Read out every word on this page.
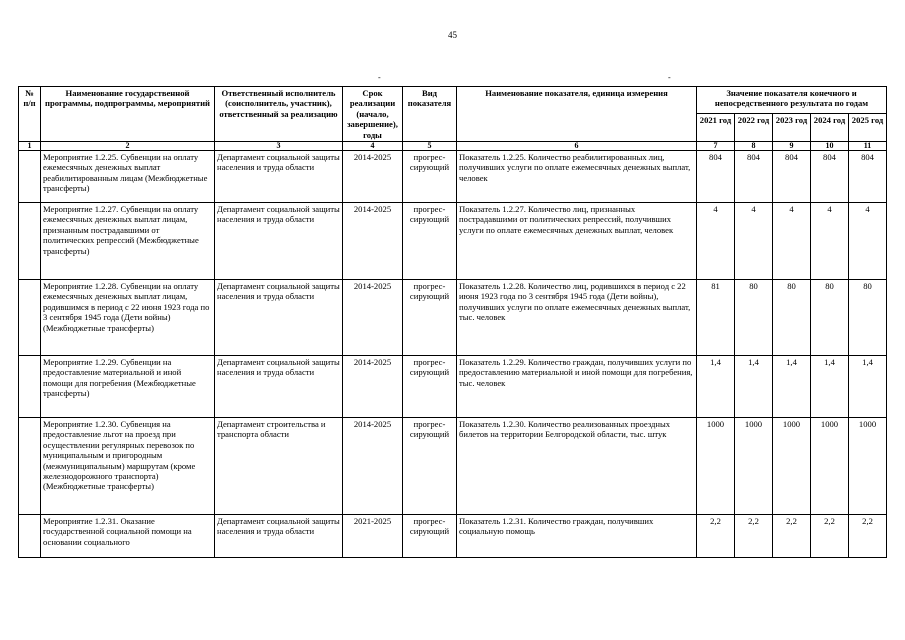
45
-	-
№ п/п	Наименование государственной программы, подпрограммы, мероприятий	Ответственный исполнитель (соисполнитель, участник), ответственный за реализацию	Срок реализации (начало, завершение), годы	Вид показателя	Наименование показателя, единица измерения	Значение показателя конечного и непосредственного результата по годам				
						2021 год	2022 год	2023 год	2024 год	2025 год
1	2	3	4	5	6	7	8	9	10	11
	Мероприятие 1.2.25. Субвенции на оплату ежемесячных денежных выплат реабилитированным лицам (Межбюджетные трансферты)	Департамент социальной защиты населения и труда области	2014-2025	прогрес-сирующий	Показатель 1.2.25. Количество реабилитированных лиц, получивших услуги по оплате ежемесячных денежных выплат, человек	804	804	804	804	804
	Мероприятие 1.2.27. Субвенции на оплату ежемесячных денежных выплат лицам, признанным пострадавшими от политических репрессий (Межбюджетные трансферты)	Департамент социальной защиты населения и труда области	2014-2025	прогрес-сирующий	Показатель 1.2.27. Количество лиц, признанных пострадавшими от политических репрессий, получивших услуги по оплате ежемесячных денежных выплат, человек	4	4	4	4	4
	Мероприятие 1.2.28. Субвенции на оплату ежемесячных денежных выплат лицам, родившимся в период с 22 июня 1923 года по 3 сентября 1945 года (Дети войны) (Межбюджетные трансферты)	Департамент социальной защиты населения и труда области	2014-2025	прогрес-сирующий	Показатель 1.2.28. Количество лиц, родившихся в период с 22 июня 1923 года по 3 сентября 1945 года (Дети войны), получивших услуги по оплате ежемесячных денежных выплат, тыс. человек	81	80	80	80	80
	Мероприятие 1.2.29. Субвенции на предоставление материальной и иной помощи для погребения (Межбюджетные трансферты)	Департамент социальной защиты населения и труда области	2014-2025	прогрес-сирующий	Показатель 1.2.29. Количество граждан, получивших услуги по предоставлению материальной и иной помощи для погребения, тыс. человек	1,4	1,4	1,4	1,4	1,4
	Мероприятие 1.2.30. Субвенция на предоставление льгот на проезд при осуществлении регулярных перевозок по муниципальным и пригородным (межмуниципальным) маршрутам (кроме железнодорожного транспорта) (Межбюджетные трансферты)	Департамент строительства и транспорта области	2014-2025	прогрес-сирующий	Показатель 1.2.30. Количество реализованных проездных билетов на территории Белгородской области, тыс. штук	1000	1000	1000	1000	1000
	Мероприятие 1.2.31. Оказание государственной социальной помощи на основании социального	Департамент социальной защиты населения и труда области	2021-2025	прогрес-сирующий	Показатель 1.2.31. Количество граждан, получивших социальную помощь	2,2	2,2	2,2	2,2	2,2
